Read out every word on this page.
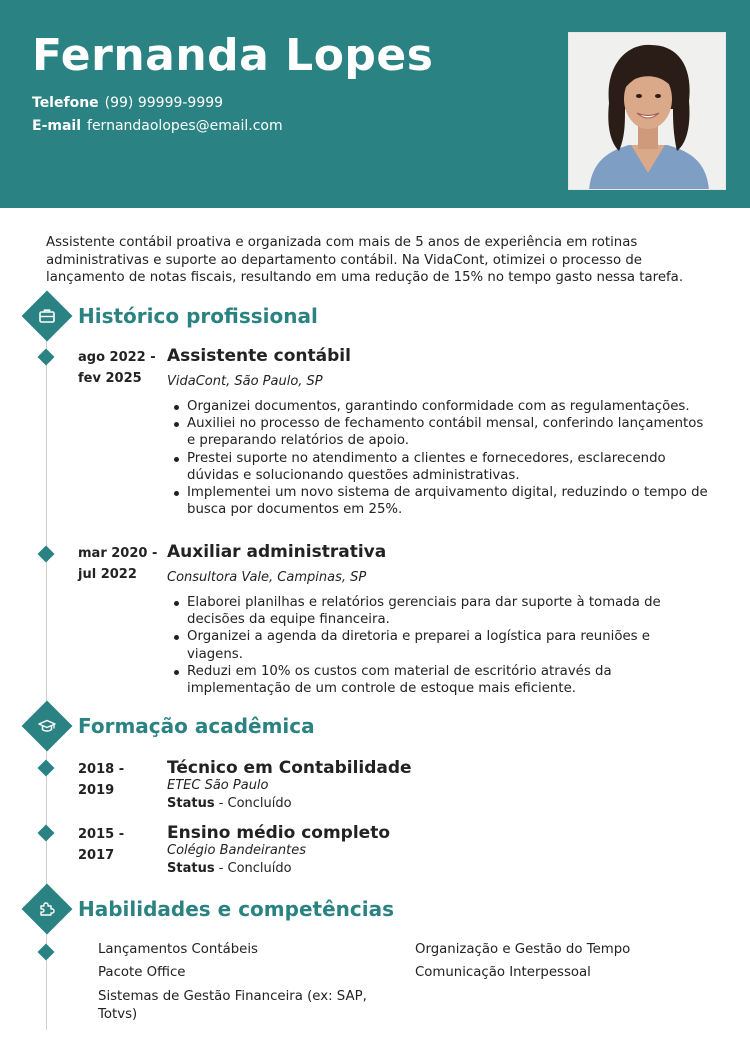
Fernanda Lopes
Telefone (99) 99999-9999
E-mail fernandaolopes@email.com
Assistente contábil proativa e organizada com mais de 5 anos de experiência em rotinas administrativas e suporte ao departamento contábil. Na VidaCont, otimizei o processo de lançamento de notas fiscais, resultando em uma redução de 15% no tempo gasto nessa tarefa.
Histórico profissional
ago 2022 -
fev 2025
Assistente contábil
VidaCont, São Paulo, SP
Organizei documentos, garantindo conformidade com as regulamentações.
Auxiliei no processo de fechamento contábil mensal, conferindo lançamentos e preparando relatórios de apoio.
Prestei suporte no atendimento a clientes e fornecedores, esclarecendo dúvidas e solucionando questões administrativas.
Implementei um novo sistema de arquivamento digital, reduzindo o tempo de busca por documentos em 25%.
mar 2020 -
jul 2022
Auxiliar administrativa
Consultora Vale, Campinas, SP
Elaborei planilhas e relatórios gerenciais para dar suporte à tomada de decisões da equipe financeira.
Organizei a agenda da diretoria e preparei a logística para reuniões e viagens.
Reduzi em 10% os custos com material de escritório através da implementação de um controle de estoque mais eficiente.
Formação acadêmica
2018 -
2019
Técnico em Contabilidade
ETEC São Paulo
Status - Concluído
2015 -
2017
Ensino médio completo
Colégio Bandeirantes
Status - Concluído
Habilidades e competências
Lançamentos Contábeis
Pacote Office
Sistemas de Gestão Financeira (ex: SAP, Totvs)
Organização e Gestão do Tempo
Comunicação Interpessoal
